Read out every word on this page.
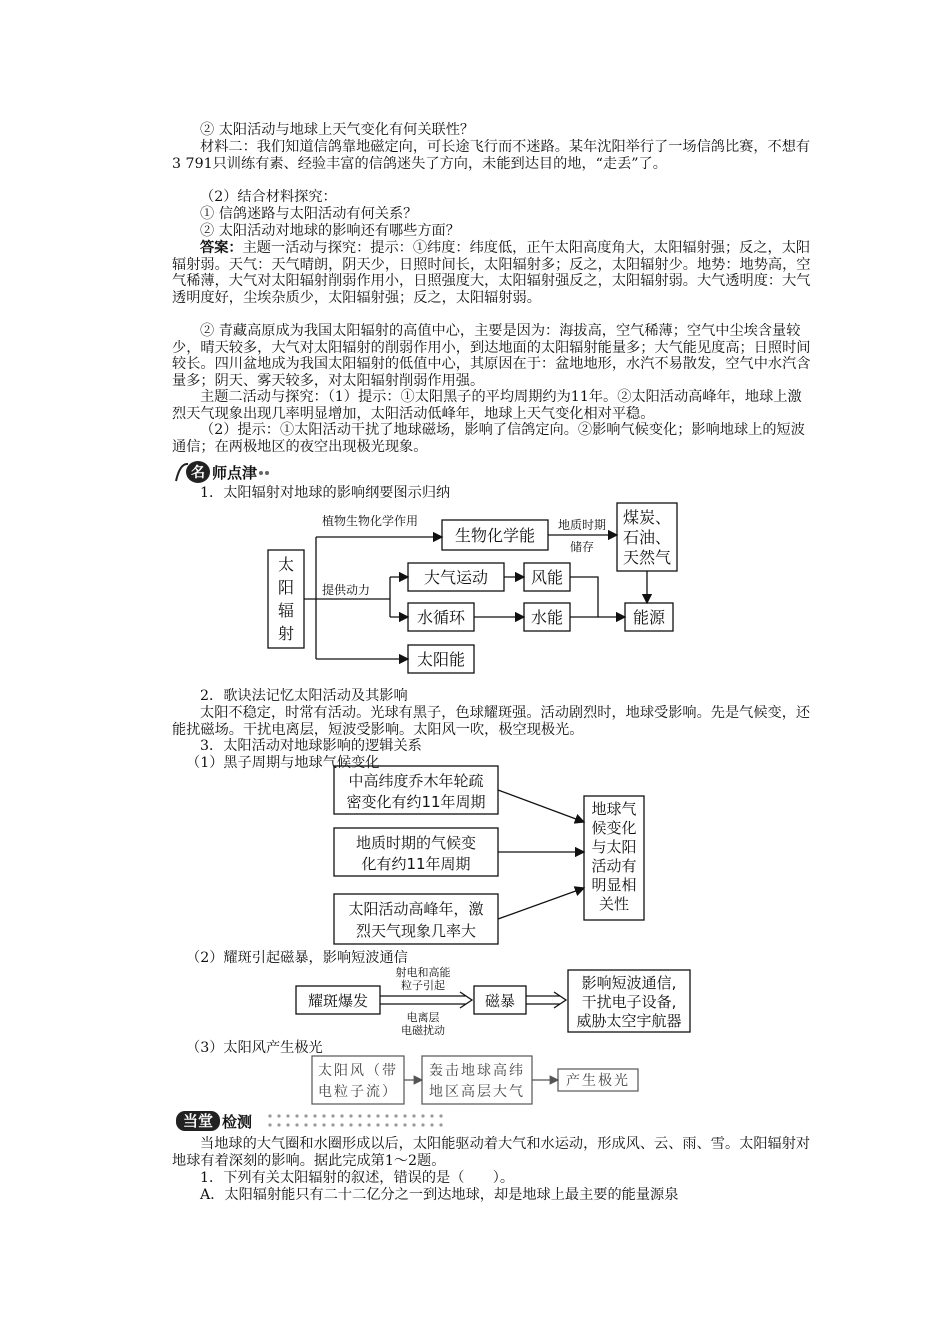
② 太阳活动与地球上天气变化有何关联性？

材料二：我们知道信鸽靠地磁定向，可长途飞行而不迷路。某年沈阳举行了一场信鸽比赛，不想有3 791只训练有素、经验丰富的信鸽迷失了方向，未能到达目的地，“走丢”了。

（2）结合材料探究：

① 信鸽迷路与太阳活动有何关系？

② 太阳活动对地球的影响还有哪些方面？

答案：主题一活动与探究：提示：①纬度：纬度低，正午太阳高度角大，太阳辐射强；反之，太阳辐射弱。天气：天气晴朗，阴天少，日照时间长，太阳辐射多；反之，太阳辐射少。地势：地势高，空气稀薄，大气对太阳辐射削弱作用小，日照强度大，太阳辐射强反之，太阳辐射弱。大气透明度：大气透明度好，尘埃杂质少，太阳辐射强；反之，太阳辐射弱。

② 青藏高原成为我国太阳辐射的高值中心，主要是因为：海拔高，空气稀薄；空气中尘埃含量较少，晴天较多，大气对太阳辐射的削弱作用小，到达地面的太阳辐射能量多；大气能见度高；日照时间较长。四川盆地成为我国太阳辐射的低值中心，其原因在于：盆地地形，水汽不易散发，空气中水汽含量多；阴天、雾天较多，对太阳辐射削弱作用强。

主题二活动与探究：（1）提示：①太阳黑子的平均周期约为11年。②太阳活动高峰年，地球上激烈天气现象出现几率明显增加，太阳活动低峰年，地球上天气变化相对平稳。

（2）提示：①太阳活动干扰了地球磁场，影响了信鸽定向。②影响气候变化；影响地球上的短波通信；在两极地区的夜空出现极光现象。

名 师点津

1．太阳辐射对地球的影响纲要图示归纳

太
阳
辐
射
生物化学能
煤炭、
石油、
天然气
大气运动	风能
水循环	水能	能源
太阳能
植物生物化学作用
提供动力
地质时期
储存

2．歌诀法记忆太阳活动及其影响

太阳不稳定，时常有活动。光球有黑子，色球耀斑强。活动剧烈时，地球受影响。先是气候变，还能扰磁场。干扰电离层，短波受影响。太阳风一吹，极空现极光。

3．太阳活动对地球影响的逻辑关系

（1）黑子周期与地球气候变化

中高纬度乔木年轮疏
密变化有约11年周期
地质时期的气候变
化有约11年周期
太阳活动高峰年，激
烈天气现象几率大
地球气
候变化
与太阳
活动有
明显相
关性

（2）耀斑引起磁暴，影响短波通信

耀斑爆发	磁暴
影响短波通信,
干扰电子设备,
威胁太空宇航器
射电和高能
粒子引起
电离层
电磁扰动

（3）太阳风产生极光

太阳风（带
电粒子流）
轰击地球高纬
地区高层大气
产生极光
当堂 检测

当地球的大气圈和水圈形成以后，太阳能驱动着大气和水运动，形成风、云、雨、雪。太阳辐射对地球有着深刻的影响。据此完成第1～2题。

1．下列有关太阳辐射的叙述，错误的是（　　）。

A．太阳辐射能只有二十二亿分之一到达地球，却是地球上最主要的能量源泉
